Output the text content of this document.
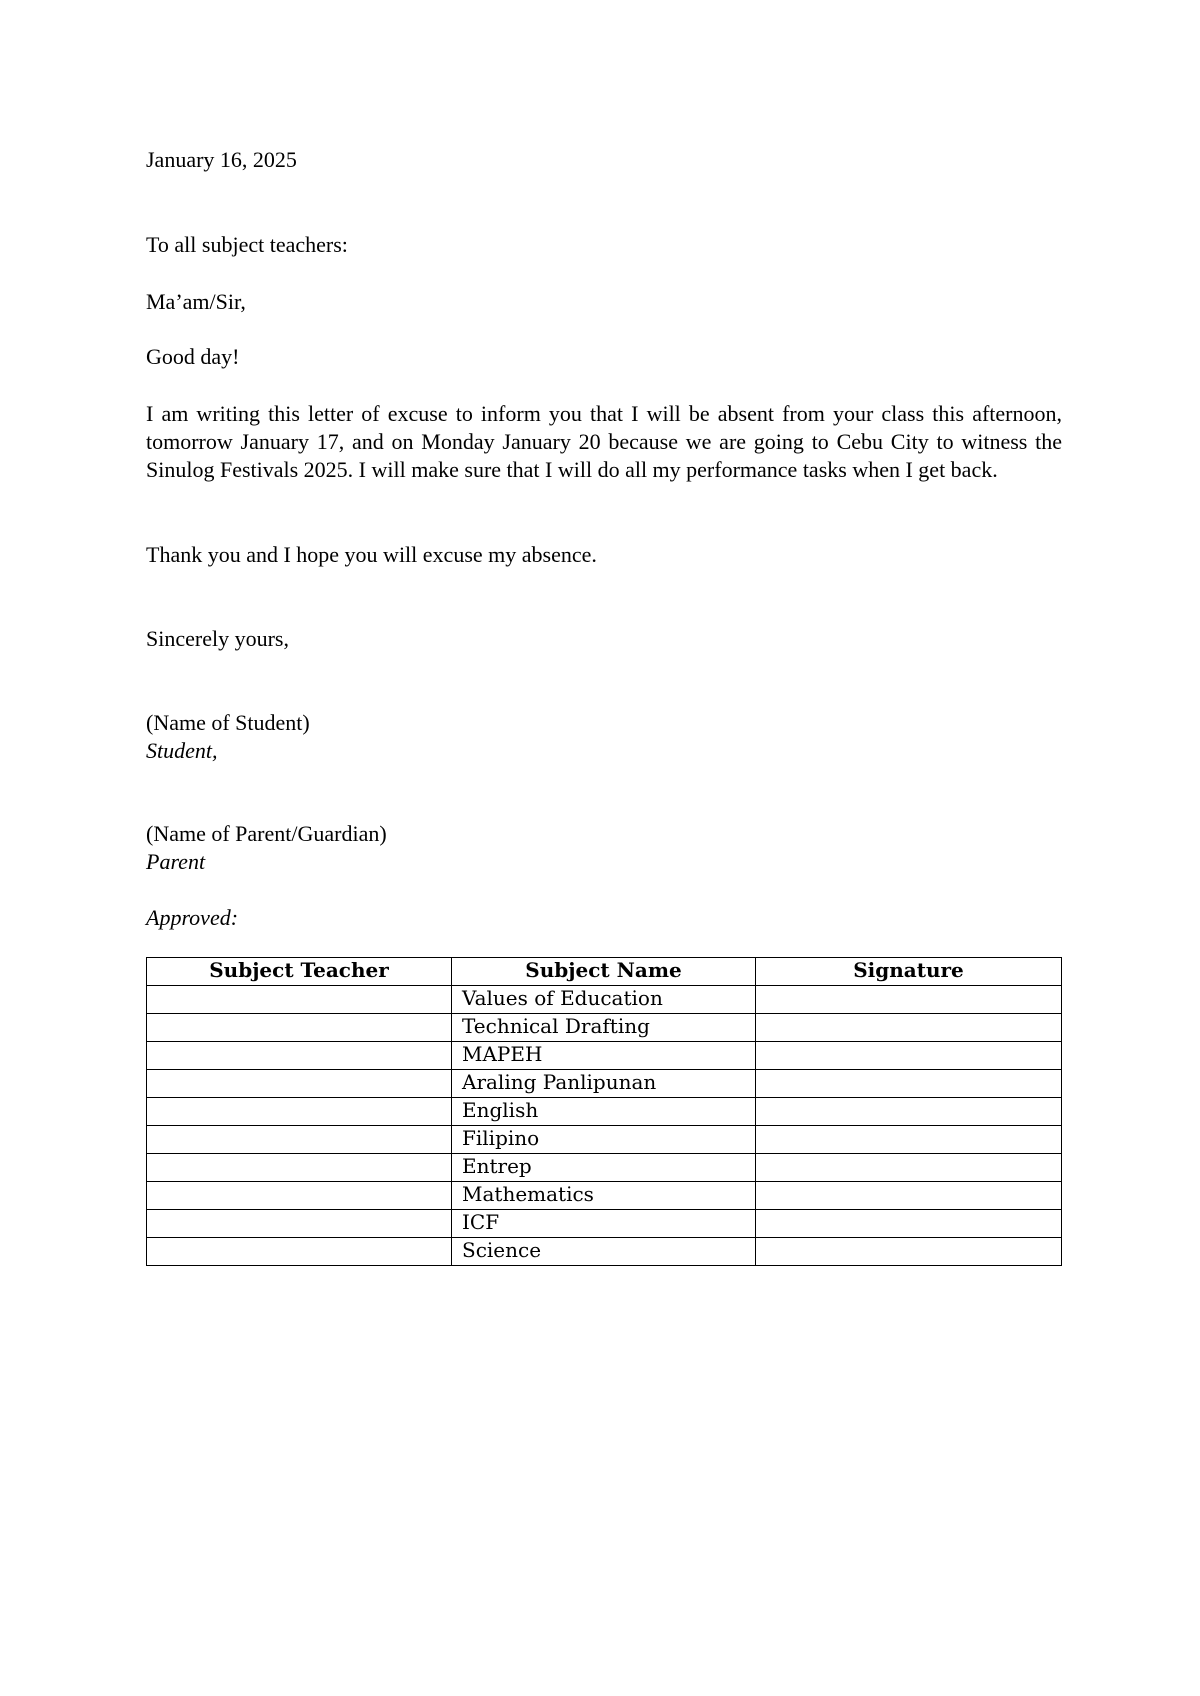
January 16, 2025
To all subject teachers:
Ma’am/Sir,
Good day!
I am writing this letter of excuse to inform you that I will be absent from your class this afternoon, tomorrow January 17, and on Monday January 20 because we are going to Cebu City to witness the Sinulog Festivals 2025. I will make sure that I will do all my performance tasks when I get back.
Thank you and I hope you will excuse my absence.
Sincerely yours,
(Name of Student)
Student,
(Name of Parent/Guardian)
Parent
Approved:
Subject Teacher	Subject Name	Signature
	Values of Education	
	Technical Drafting	
	MAPEH	
	Araling Panlipunan	
	English	
	Filipino	
	Entrep	
	Mathematics	
	ICF	
	Science	
